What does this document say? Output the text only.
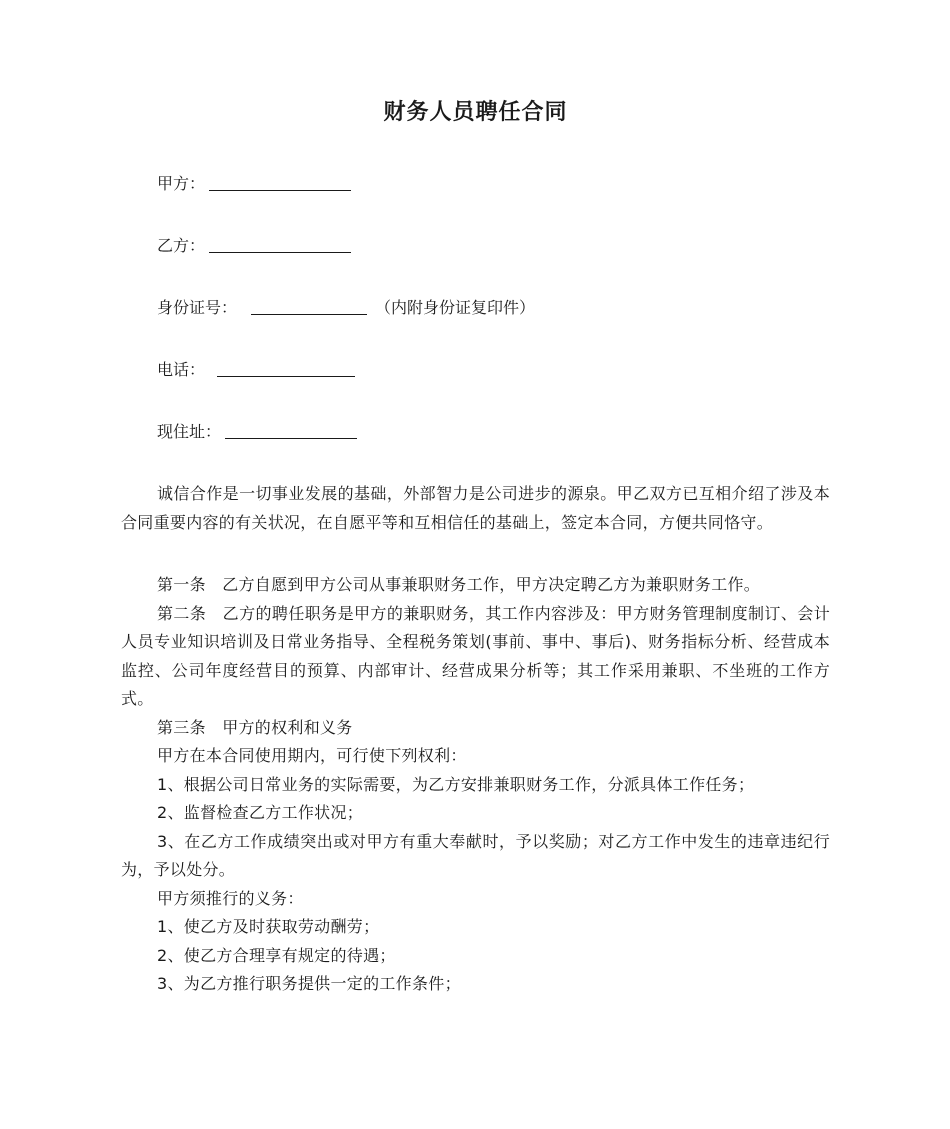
财务人员聘任合同
甲方：
乙方：
身份证号：	（内附身份证复印件）
电话：
现住址：

诚信合作是一切事业发展的基础，外部智力是公司进步的源泉。甲乙双方已互相介绍了涉及本合同重要内容的有关状况，在自愿平等和互相信任的基础上，签定本合同，方便共同恪守。

第一条　乙方自愿到甲方公司从事兼职财务工作，甲方决定聘乙方为兼职财务工作。

第二条　乙方的聘任职务是甲方的兼职财务，其工作内容涉及：甲方财务管理制度制订、会计人员专业知识培训及日常业务指导、全程税务策划(事前、事中、事后)、财务指标分析、经营成本监控、公司年度经营目的预算、内部审计、经营成果分析等；其工作采用兼职、不坐班的工作方式。

第三条　甲方的权利和义务

甲方在本合同使用期内，可行使下列权利：

1、根据公司日常业务的实际需要，为乙方安排兼职财务工作，分派具体工作任务；

2、监督检查乙方工作状况；

3、在乙方工作成绩突出或对甲方有重大奉献时，予以奖励；对乙方工作中发生的违章违纪行为，予以处分。

甲方须推行的义务：

1、使乙方及时获取劳动酬劳；

2、使乙方合理享有规定的待遇；

3、为乙方推行职务提供一定的工作条件；
